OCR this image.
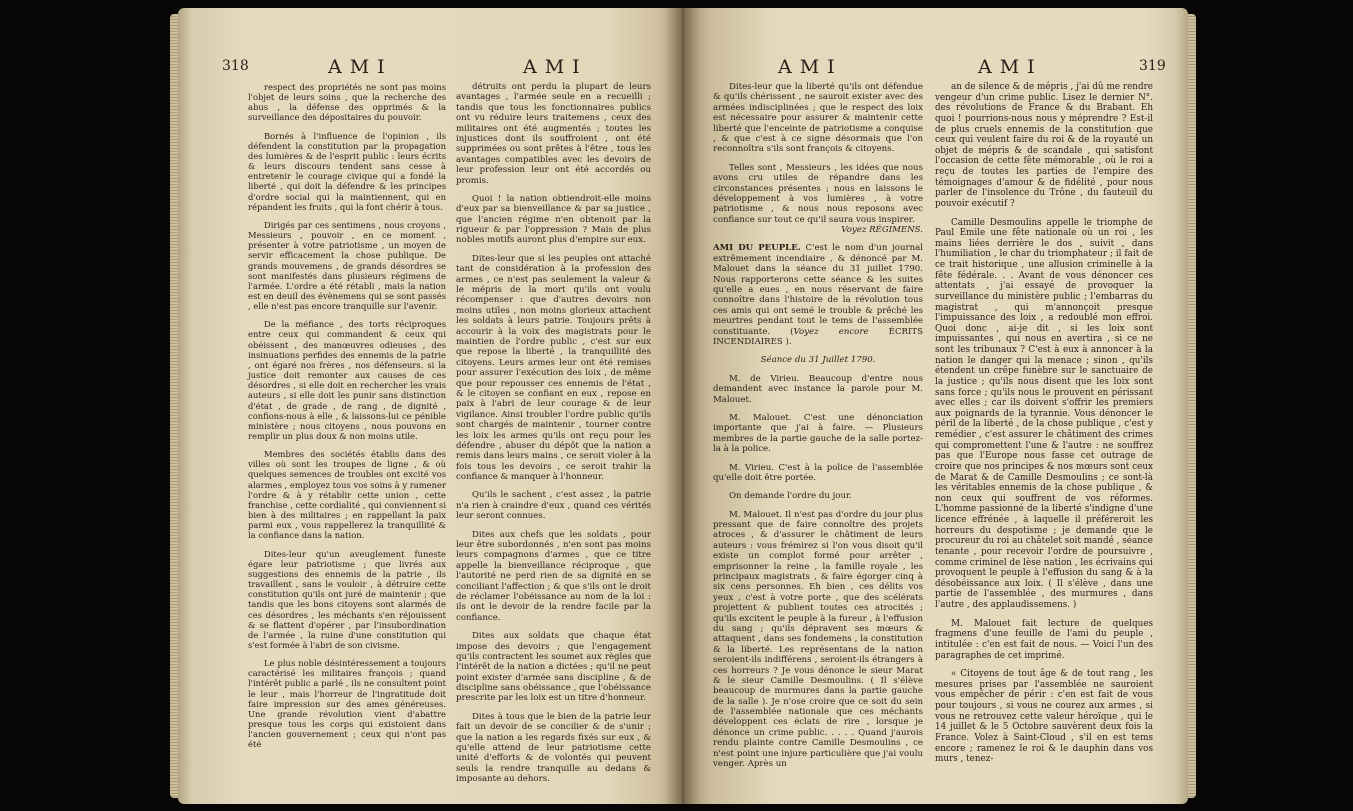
318	AMI	AMI

respect des propriétés ne sont pas moins l'objet de leurs soins , que la recherche des abus , la défense des opprimés & la surveillance des dépositaires du pouvoir.

Bornés à l'influence de l'opinion , ils défendent la constitution par la propagation des lumières & de l'esprit public : leurs écrits & leurs discours tendent sans cesse à entretenir le courage civique qui a fondé la liberté , qui doit la défendre & les principes d'ordre social qui la maintiennent, qui en répandent les fruits , qui la font chérir à tous.

Dirigés par ces sentimens , nous croyons , Messieurs , pouvoir , en ce moment , présenter à votre patriotisme , un moyen de servir efficacement la chose publique. De grands mouvemens , de grands désordres se sont manifestés dans plusieurs régimens de l'armée. L'ordre a été rétabli , mais la nation est en deuil des évènemens qui se sont passés , elle n'est pas encore tranquille sur l'avenir.

De la méfiance , des torts réciproques entre ceux qui commandent & ceux qui obéissent , des manœuvres odieuses , des insinuations perfides des ennemis de la patrie , ont égaré nos frères , nos défenseurs. si la justice doit remonter aux causes de ces désordres , si elle doit en rechercher les vrais auteurs , si elle doit les punir sans distinction d'état , de grade , de rang , de dignité , confions-nous à elle , & laissons-lui ce pénible ministère ; nous citoyens , nous pouvons en remplir un plus doux & non moins utile.

Membres des sociétés établis dans des villes où sont les troupes de ligne , & où quelques semences de troubles ont excité vos alarmes , employez tous vos soins à y ramener l'ordre & à y rétablir cette union , cette franchise , cette cordialité , qui conviennent si bien à des militaires ; en rappellant la paix parmi eux , vous rappellerez la tranquillité & la confiance dans la nation.

Dites-leur qu'un aveuglement funeste égare leur patriotisme ; que livrés aux suggestions des ennemis de la patrie , ils travaillent , sans le vouloir , à détruire cette constitution qu'ils ont juré de maintenir ; que tandis que les bons citoyens sont alarmés de ces désordres , les méchants s'en réjouissent & se flattent d'opérer , par l'insubordination de l'armée , la ruine d'une constitution qui s'est formée à l'abri de son civisme.

Le plus noble désintéressement a toujours caractérisé les militaires françois ; quand l'intérêt public a parlé , ils ne consultent point le leur , mais l'horreur de l'ingratitude doit faire impression sur des ames généreuses. Une grande révolution vient d'abattre presque tous les corps qui existoient dans l'ancien gouvernement ; ceux qui n'ont pas été

détruits ont perdu la plupart de leurs avantages , l'armée seule en a recueilli ; tandis que tous les fonctionnaires publics ont vu réduire leurs traitemens , ceux des militaires ont été augmentés ; toutes les injustices dont ils souffroient , ont été supprimées ou sont prêtes à l'être , tous les avantages compatibles avec les devoirs de leur profession leur ont été accordés ou promis.

Quoi ! la nation obtiendroit-elle moins d'eux par sa bienveillance & par sa justice , que l'ancien régime n'en obtenoit par la rigueur & par l'oppression ? Mais de plus nobles motifs auront plus d'empire sur eux.

Dites-leur que si les peuples ont attaché tant de considération à la profession des armes , ce n'est pas seulement la valeur & le mépris de la mort qu'ils ont voulu récompenser : que d'autres devoirs non moins utiles , non moins glorieux attachent les soldats à leurs patrie. Toujours prêts à accourir à la voix des magistrats pour le maintien de l'ordre public , c'est sur eux que repose la liberté , la tranquillité des citoyens. Leurs armes leur ont été remises pour assurer l'exécution des loix , de même que pour repousser ces ennemis de l'état , & le citoyen se confiant en eux , repose en paix à l'abri de leur courage & de leur vigilance. Ainsi troubler l'ordre public qu'ils sont chargés de maintenir , tourner contre les loix les armes qu'ils ont reçu pour les défendre , abuser du dépôt que la nation a remis dans leurs mains , ce seroit violer à la fois tous les devoirs , ce seroit trahir la confiance & manquer à l'honneur.

Qu'ils le sachent , c'est assez , la patrie n'a rien à craindre d'eux , quand ces vérités leur seront connues.

Dites aux chefs que les soldats , pour leur être subordonnés , n'en sont pas moins leurs compagnons d'armes , que ce titre appelle la bienveillance réciproque , que l'autorité ne perd rien de sa dignité en se conciliant l'affection ; & que s'ils ont le droit de réclamer l'obéissance au nom de la loi : ils ont le devoir de la rendre facile par la confiance.

Dites aux soldats que chaque état impose des devoirs ; que l'engagement qu'ils contractent les soumet aux règles que l'intérêt de la nation a dictées ; qu'il ne peut point exister d'armée sans discipline , & de discipline sans obéissance , que l'obéissance prescrite par les loix est un titre d'honneur.

Dites à tous que le bien de la patrie leur fait un devoir de se concilier & de s'unir ; que la nation a les regards fixés sur eux , & qu'elle attend de leur patriotisme cette unité d'efforts & de volontés qui peuvent seuls la rendre tranquille au dedans & imposante au dehors.

AMI	AMI	319

Dites-leur que la liberté qu'ils ont défendue & qu'ils chérissent , ne sauroit exister avec des armées indisciplinées ; que le respect des loix est nécessaire pour assurer & maintenir cette liberté que l'enceinte de patriotisme a conquise , & que c'est à ce signe désormais que l'on reconnoîtra s'ils sont françois & citoyens.

Telles sont , Messieurs , les idées que nous avons cru utiles de répandre dans les circonstances présentes ; nous en laissons le développement à vos lumières , à votre patriotisme , & nous nous reposons avec confiance sur tout ce qu'il saura vous inspirer.

Voyez RÉGIMENS.

AMI DU PEUPLE. C'est le nom d'un journal extrêmement incendiaire , & dénoncé par M. Malouet dans la séance du 31 juillet 1790. Nous rapporterons cette séance & les suites qu'elle a eues , en nous réservant de faire connoître dans l'histoire de la révolution tous ces amis qui ont semé le trouble & prêché les meurtres pendant tout le tems de l'assemblée constituante. (Voyez encore ÉCRITS INCENDIAIRES ).

Séance du 31 Juillet 1790.

M. de Virieu. Beaucoup d'entre nous demandent avec instance la parole pour M. Malouet.

M. Malouet. C'est une dénonciation importante que j'ai à faire. — Plusieurs membres de la partie gauche de la salle portez-la à la police.

M. Virieu. C'est à la police de l'assemblée qu'elle doit être portée.

On demande l'ordre du jour.

M. Malouet. Il n'est pas d'ordre du jour plus pressant que de faire connoître des projets atroces , & d'assurer le châtiment de leurs auteurs : vous frémirez si l'on vous disoit qu'il existe un complot formé pour arrêter , emprisonner la reine , la famille royale , les principaux magistrats , & faire égorger cinq à six cens personnes. Eh bien , ces délits vos yeux , c'est à votre porte , que des scélérats projettent & publient toutes ces atrocités ; qu'ils excitent le peuple à la fureur , à l'effusion du sang ; qu'ils dépravent ses mœurs & attaquent , dans ses fondemens , la constitution & la liberté. Les représentans de la nation seroient-ils indifférens , seroient-ils étrangers à ces horreurs ? Je vous dénonce le sieur Marat & le sieur Camille Desmoulins. ( Il s'élève beaucoup de murmures dans la partie gauche de la salle ). Je n'ose croire que ce soit du sein de l'assemblée nationale que ces méchants développent ces éclats de rire , lorsque je dénonce un crime public. . . . . Quand j'aurois rendu plainte contre Camille Desmoulins , ce n'est point une injure particulière que j'ai voulu venger. Après un

an de silence & de mépris , j'ai dû me rendre vengeur d'un crime public. Lisez le dernier N°. des révolutions de France & du Brabant. Eh quoi ! pourrions-nous nous y méprendre ? Est-il de plus cruels ennemis de la constitution que ceux qui veulent faire du roi & de la royauté un objet de mépris & de scandale , qui satisfont l'occasion de cette fête mémorable , où le roi a reçu de toutes les parties de l'empire des témoignages d'amour & de fidélité , pour nous parler de l'insolence du Trône , du fauteuil du pouvoir exécutif ?

Camille Desmoulins appelle le triomphe de Paul Emile une fête nationale où un roi , les mains liées derrière le dos , suivit , dans l'humiliation , le char du triomphateur ; il fait de ce trait historique , une allusion criminelle à la fête fédérale. . . Avant de vous dénoncer ces attentats , j'ai essayé de provoquer la surveillance du ministère public ; l'embarras du magistrat , qui m'annonçoit presque l'impuissance des loix , a redoublé mon effroi. Quoi donc , ai-je dit , si les loix sont impuissantes , qui nous en avertira , si ce ne sont les tribunaux ? C'est à eux à annoncer à la nation le danger qui la menace ; sinon , qu'ils étendent un crêpe funèbre sur le sanctuaire de la justice ; qu'ils nous disent que les loix sont sans force ; qu'ils nous le prouvent en périssant avec elles ; car ils doivent s'offrir les premiers aux poignards de la tyrannie. Vous dénoncer le péril de la liberté , de la chose publique , c'est y remédier , c'est assurer le châtiment des crimes qui compromettent l'une & l'autre : ne souffrez pas que l'Europe nous fasse cet outrage de croire que nos principes & nos mœurs sont ceux de Marat & de Camille Desmoulins ; ce sont-là les véritables ennemis de la chose publique , & non ceux qui souffrent de vos réformes. L'homme passionné de la liberté s'indigne d'une licence effrénée , à laquelle il préféreroit les horreurs du despotisme ; je demande que le procureur du roi au châtelet soit mandé , séance tenante , pour recevoir l'ordre de poursuivre , comme criminel de lèse nation , les écrivains qui provoquent le peuple à l'effusion du sang & à la désobéissance aux loix. ( Il s'élève , dans une partie de l'assemblée , des murmures , dans l'autre , des applaudissemens. )

M. Malouet fait lecture de quelques fragmens d'une feuille de l'ami du peuple , intitulée : c'en est fait de nous. — Voici l'un des paragraphes de cet imprimé.

« Citoyens de tout âge & de tout rang , les mesures prises par l'assemblée ne sauroient vous empêcher de périr : c'en est fait de vous pour toujours , si vous ne courez aux armes , si vous ne retrouvez cette valeur héroïque , qui le 14 juillet & le 5 Octobre sauvèrent deux fois la France. Volez à Saint-Cloud , s'il en est tems encore ; ramenez le roi & le dauphin dans vos murs , tenez-
